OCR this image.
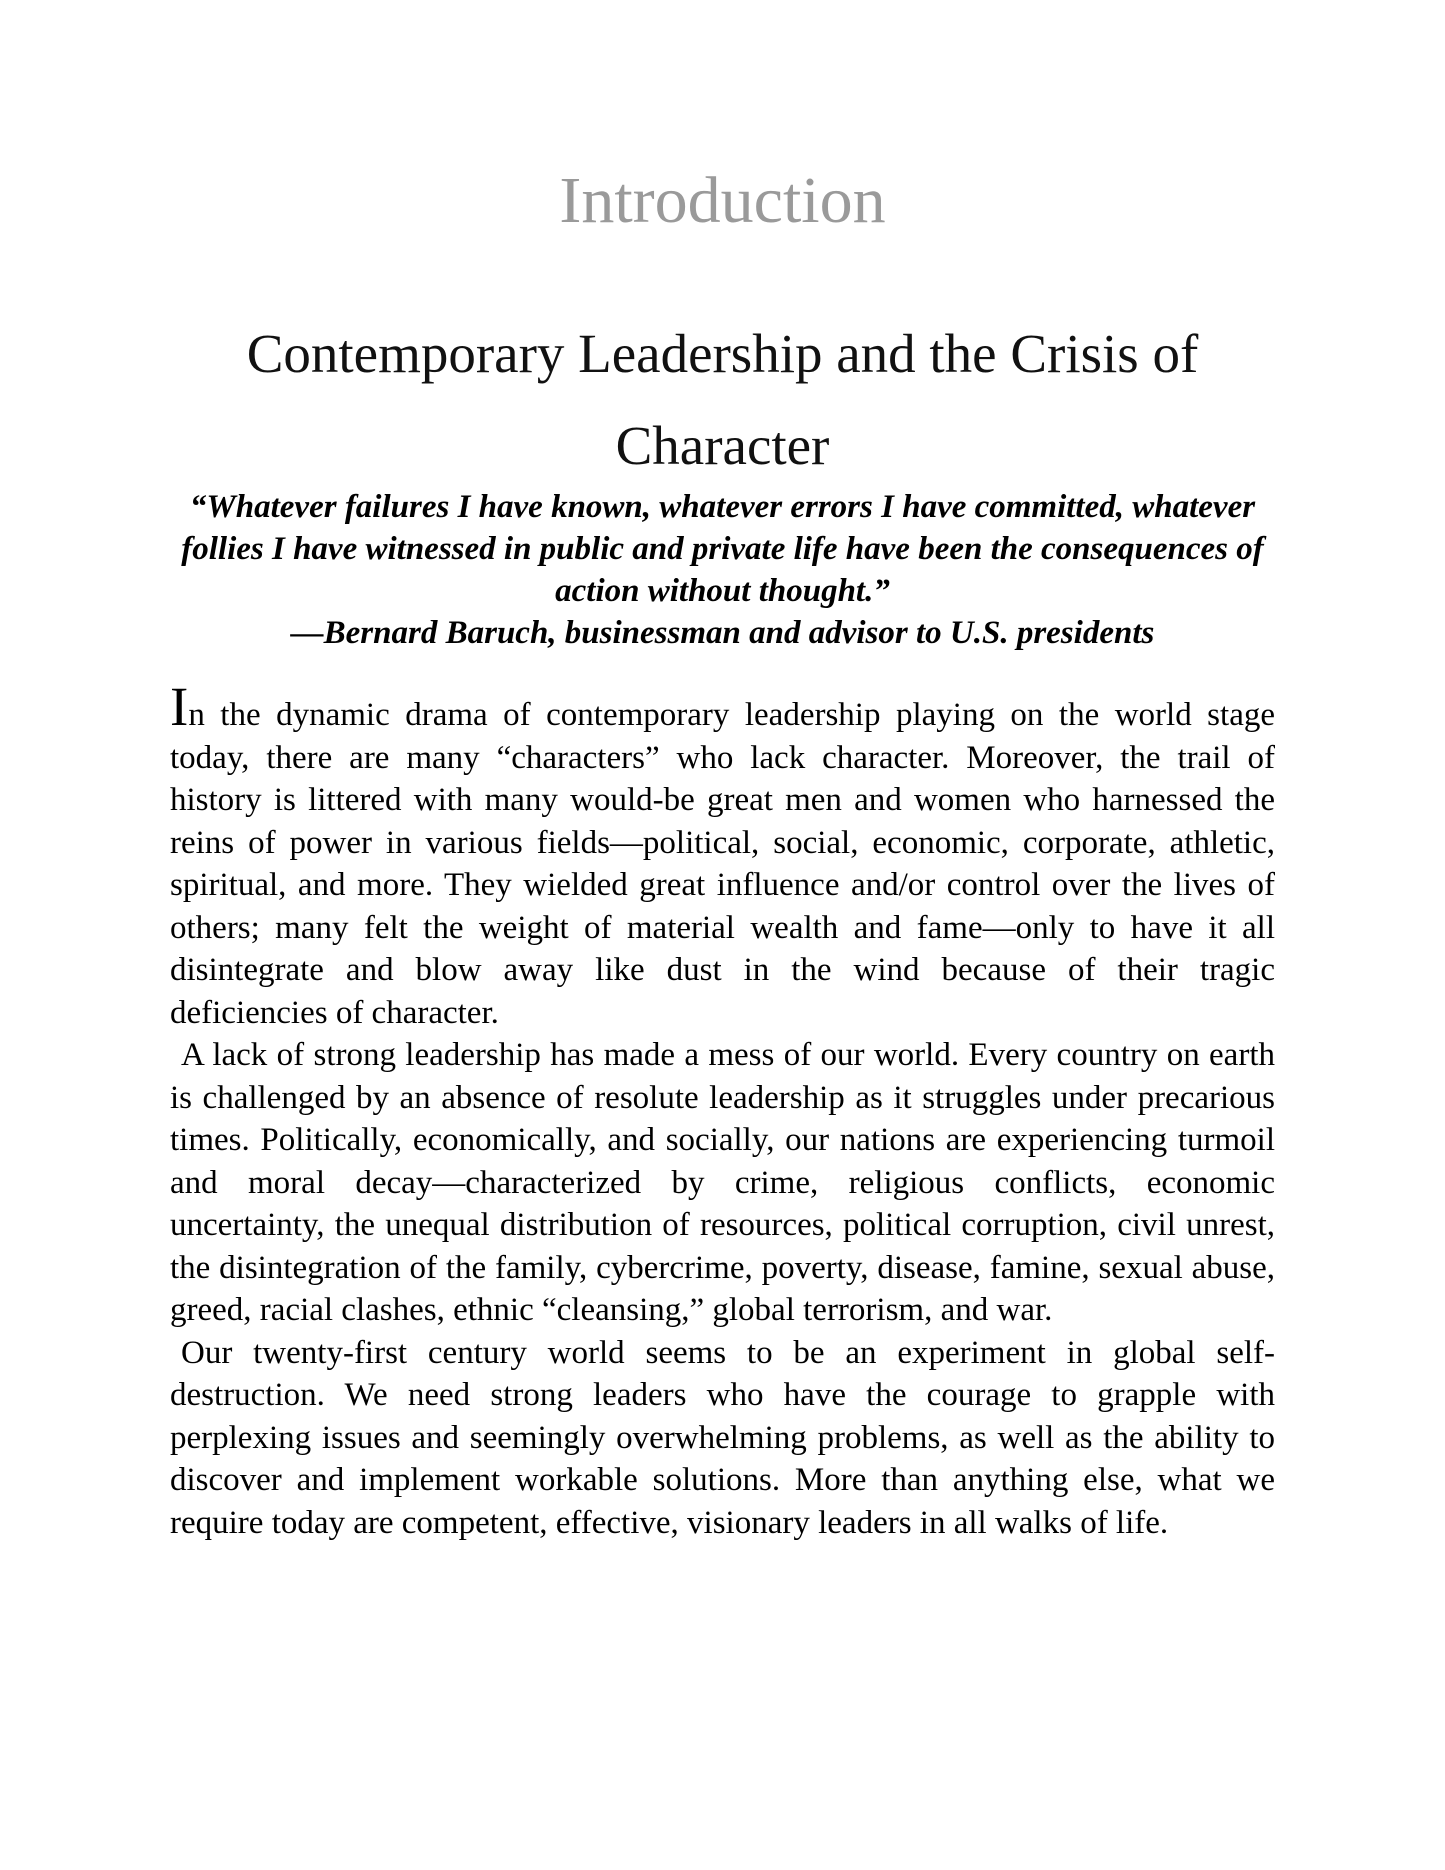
Introduction
Contemporary Leadership and the Crisis of Character
“Whatever failures I have known, whatever errors I have committed, whatever follies I have witnessed in public and private life have been the consequences of action without thought.”
—Bernard Baruch, businessman and advisor to U.S. presidents

In the dynamic drama of contemporary leadership playing on the world stage today, there are many “characters” who lack character. Moreover, the trail of history is littered with many would-be great men and women who harnessed the reins of power in various fields—political, social, economic, corporate, athletic, spiritual, and more. They wielded great influence and/or control over the lives of others; many felt the weight of material wealth and fame—only to have it all disintegrate and blow away like dust in the wind because of their tragic deficiencies of character.

A lack of strong leadership has made a mess of our world. Every country on earth is challenged by an absence of resolute leadership as it struggles under precarious times. Politically, economically, and socially, our nations are experiencing turmoil and moral decay—characterized by crime, religious conflicts, economic uncertainty, the unequal distribution of resources, political corruption, civil unrest, the disintegration of the family, cybercrime, poverty, disease, famine, sexual abuse, greed, racial clashes, ethnic “cleansing,” global terrorism, and war.

Our twenty-first century world seems to be an experiment in global self-destruction. We need strong leaders who have the courage to grapple with perplexing issues and seemingly overwhelming problems, as well as the ability to discover and implement workable solutions. More than anything else, what we require today are competent, effective, visionary leaders in all walks of life.
